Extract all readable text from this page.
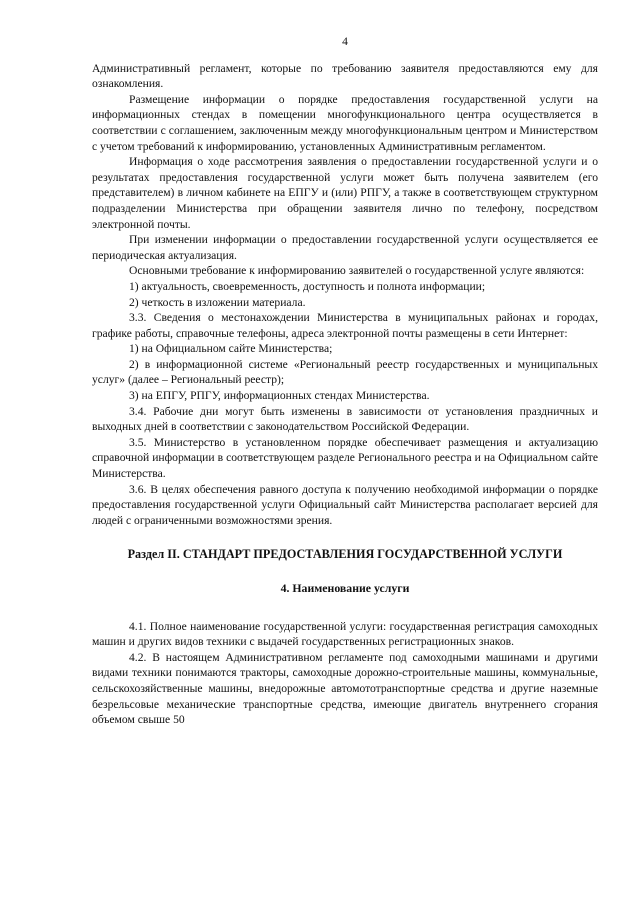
4

Административный регламент, которые по требованию заявителя предоставляются ему для ознакомления.

Размещение информации о порядке предоставления государственной услуги на информационных стендах в помещении многофункционального центра осуществляется в соответствии с соглашением, заключенным между многофункциональным центром и Министерством с учетом требований к информированию, установленных Административным регламентом.

Информация о ходе рассмотрения заявления о предоставлении государственной услуги и о результатах предоставления государственной услуги может быть получена заявителем (его представителем) в личном кабинете на ЕПГУ и (или) РПГУ, а также в соответствующем структурном подразделении Министерства при обращении заявителя лично по телефону, посредством электронной почты.

При изменении информации о предоставлении государственной услуги осуществляется ее периодическая актуализация.

Основными требование к информированию заявителей о государственной услуге являются:

1) актуальность, своевременность, доступность и полнота информации;

2) четкость в изложении материала.

3.3. Сведения о местонахождении Министерства в муниципальных районах и городах, графике работы, справочные телефоны, адреса электронной почты размещены в сети Интернет:

1) на Официальном сайте Министерства;

2) в информационной системе «Региональный реестр государственных и муниципальных услуг» (далее – Региональный реестр);

3) на ЕПГУ, РПГУ, информационных стендах Министерства.

3.4. Рабочие дни могут быть изменены в зависимости от установления праздничных и выходных дней в соответствии с законодательством Российской Федерации.

3.5. Министерство в установленном порядке обеспечивает размещения и актуализацию справочной информации в соответствующем разделе Регионального реестра и на Официальном сайте Министерства.

3.6. В целях обеспечения равного доступа к получению необходимой информации о порядке предоставления государственной услуги Официальный сайт Министерства располагает версией для людей с ограниченными возможностями зрения.

Раздел II. СТАНДАРТ ПРЕДОСТАВЛЕНИЯ ГОСУДАРСТВЕННОЙ УСЛУГИ
4. Наименование услуги

4.1. Полное наименование государственной услуги: государственная регистрация самоходных машин и других видов техники с выдачей государственных регистрационных знаков.

4.2. В настоящем Административном регламенте под самоходными машинами и другими видами техники понимаются тракторы, самоходные дорожно-строительные машины, коммунальные, сельскохозяйственные машины, внедорожные автомототранспортные средства и другие наземные безрельсовые механические транспортные средства, имеющие двигатель внутреннего сгорания объемом свыше 50
